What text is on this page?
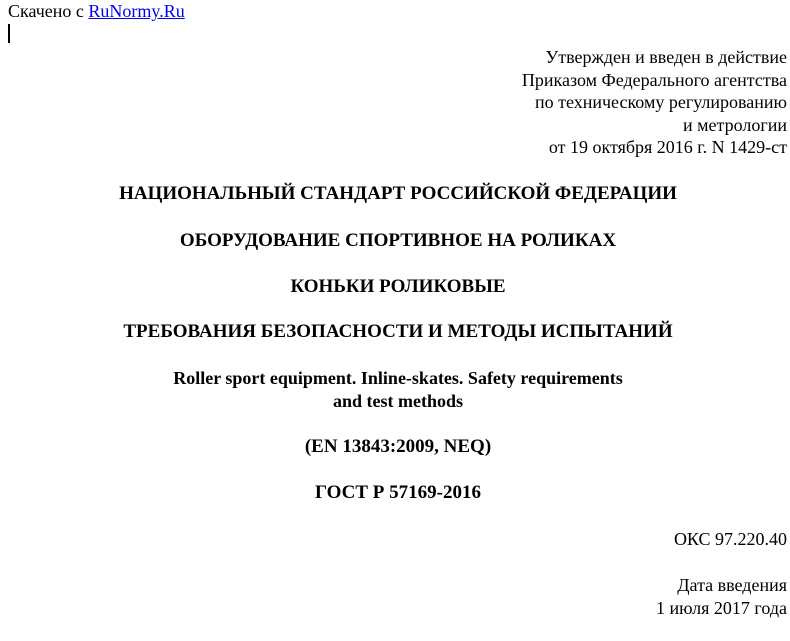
Скачено с RuNormy.Ru
Утвержден и введен в действие
Приказом Федерального агентства
по техническому регулированию
и метрологии
от 19 октября 2016 г. N 1429-ст
НАЦИОНАЛЬНЫЙ СТАНДАРТ РОССИЙСКОЙ ФЕДЕРАЦИИ
ОБОРУДОВАНИЕ СПОРТИВНОЕ НА РОЛИКАХ
КОНЬКИ РОЛИКОВЫЕ
ТРЕБОВАНИЯ БЕЗОПАСНОСТИ И МЕТОДЫ ИСПЫТАНИЙ
Roller sport equipment. Inline-skates. Safety requirements
and test methods
(EN 13843:2009, NEQ)
ГОСТ Р 57169-2016
ОКС 97.220.40
Дата введения
1 июля 2017 года
